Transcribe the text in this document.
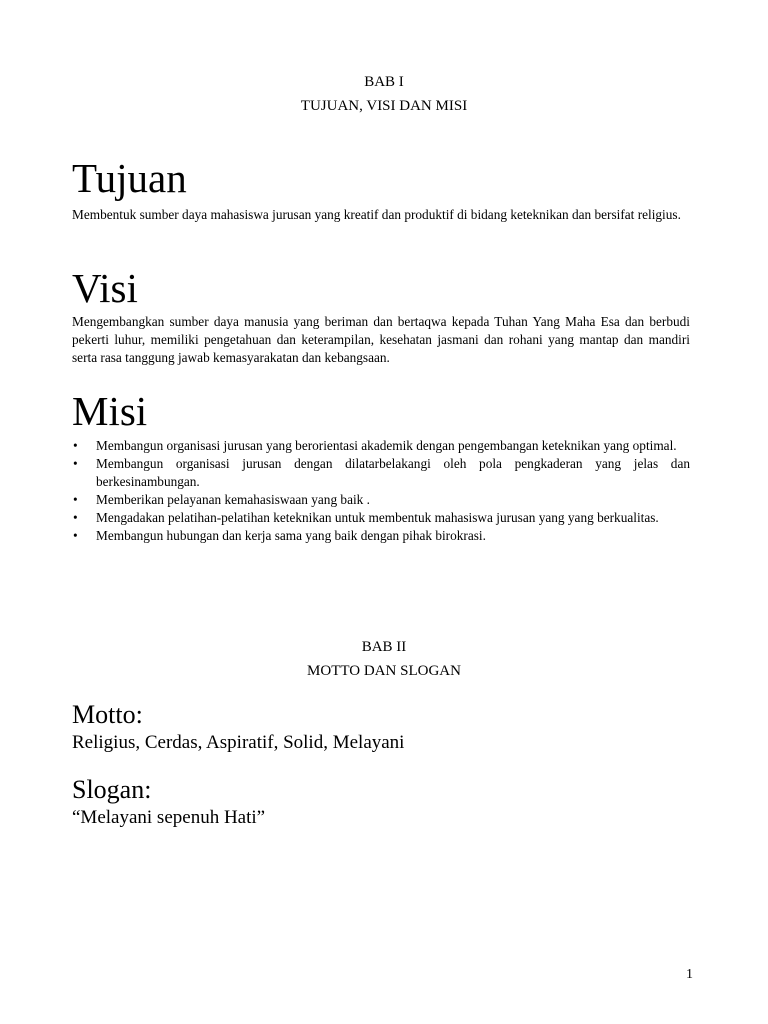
BAB I
TUJUAN, VISI DAN MISI
Tujuan

Membentuk sumber daya mahasiswa jurusan yang kreatif dan produktif di bidang keteknikan dan bersifat religius.

Visi

Mengembangkan sumber daya manusia yang beriman dan bertaqwa kepada Tuhan Yang Maha Esa dan berbudi pekerti luhur, memiliki pengetahuan dan keterampilan, kesehatan jasmani dan rohani yang mantap dan mandiri serta rasa tanggung jawab kemasyarakatan dan kebangsaan.

Misi
• Membangun organisasi jurusan yang berorientasi akademik dengan pengembangan keteknikan yang optimal.
• Membangun organisasi jurusan dengan dilatarbelakangi oleh pola pengkaderan yang jelas dan berkesinambungan.
• Memberikan pelayanan kemahasiswaan yang baik .
• Mengadakan pelatihan-pelatihan keteknikan untuk membentuk mahasiswa jurusan yang yang berkualitas.
• Membangun hubungan dan kerja sama yang baik dengan pihak birokrasi.
BAB II
MOTTO DAN SLOGAN
Motto:
Religius, Cerdas, Aspiratif, Solid, Melayani
Slogan:
“Melayani sepenuh Hati”
1
